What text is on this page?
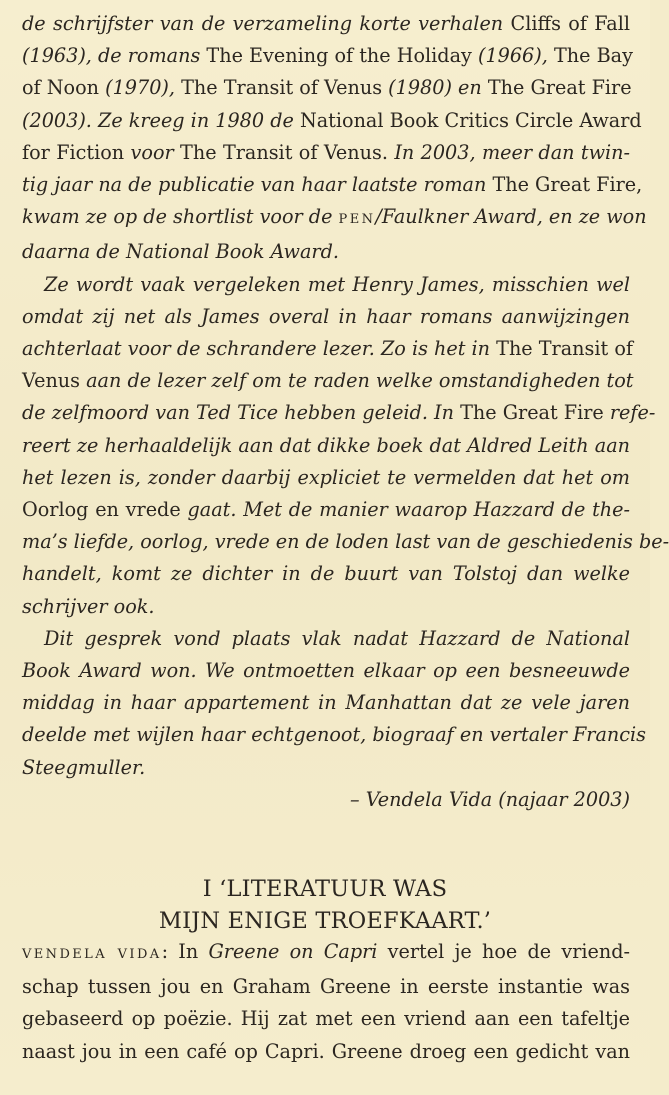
de schrijfster van de verzameling korte verhalen Cliffs of Fall
(1963), de romans The Evening of the Holiday (1966), The Bay
of Noon (1970), The Transit of Venus (1980) en The Great Fire
(2003). Ze kreeg in 1980 de National Book Critics Circle Award
for Fiction voor The Transit of Venus. In 2003, meer dan twin-
tig jaar na de publicatie van haar laatste roman The Great Fire,
kwam ze op de shortlist voor de PEN/Faulkner Award, en ze won
daarna de National Book Award.
Ze wordt vaak vergeleken met Henry James, misschien wel
omdat zij net als James overal in haar romans aanwijzingen
achterlaat voor de schrandere lezer. Zo is het in The Transit of
Venus aan de lezer zelf om te raden welke omstandigheden tot
de zelfmoord van Ted Tice hebben geleid. In The Great Fire refe-
reert ze herhaaldelijk aan dat dikke boek dat Aldred Leith aan
het lezen is, zonder daarbij expliciet te vermelden dat het om
Oorlog en vrede gaat. Met de manier waarop Hazzard de the-
ma’s liefde, oorlog, vrede en de loden last van de geschiedenis be-
handelt, komt ze dichter in de buurt van Tolstoj dan welke
schrijver ook.
Dit gesprek vond plaats vlak nadat Hazzard de National
Book Award won. We ontmoetten elkaar op een besneeuwde
middag in haar appartement in Manhattan dat ze vele jaren
deelde met wijlen haar echtgenoot, biograaf en vertaler Francis
Steegmuller.
– Vendela Vida (najaar 2003)
I ‘LITERATUUR WAS
MIJN ENIGE TROEFKAART.’
VENDELA VIDA: In Greene on Capri vertel je hoe de vriend-
schap tussen jou en Graham Greene in eerste instantie was
gebaseerd op poëzie. Hij zat met een vriend aan een tafeltje
naast jou in een café op Capri. Greene droeg een gedicht van
